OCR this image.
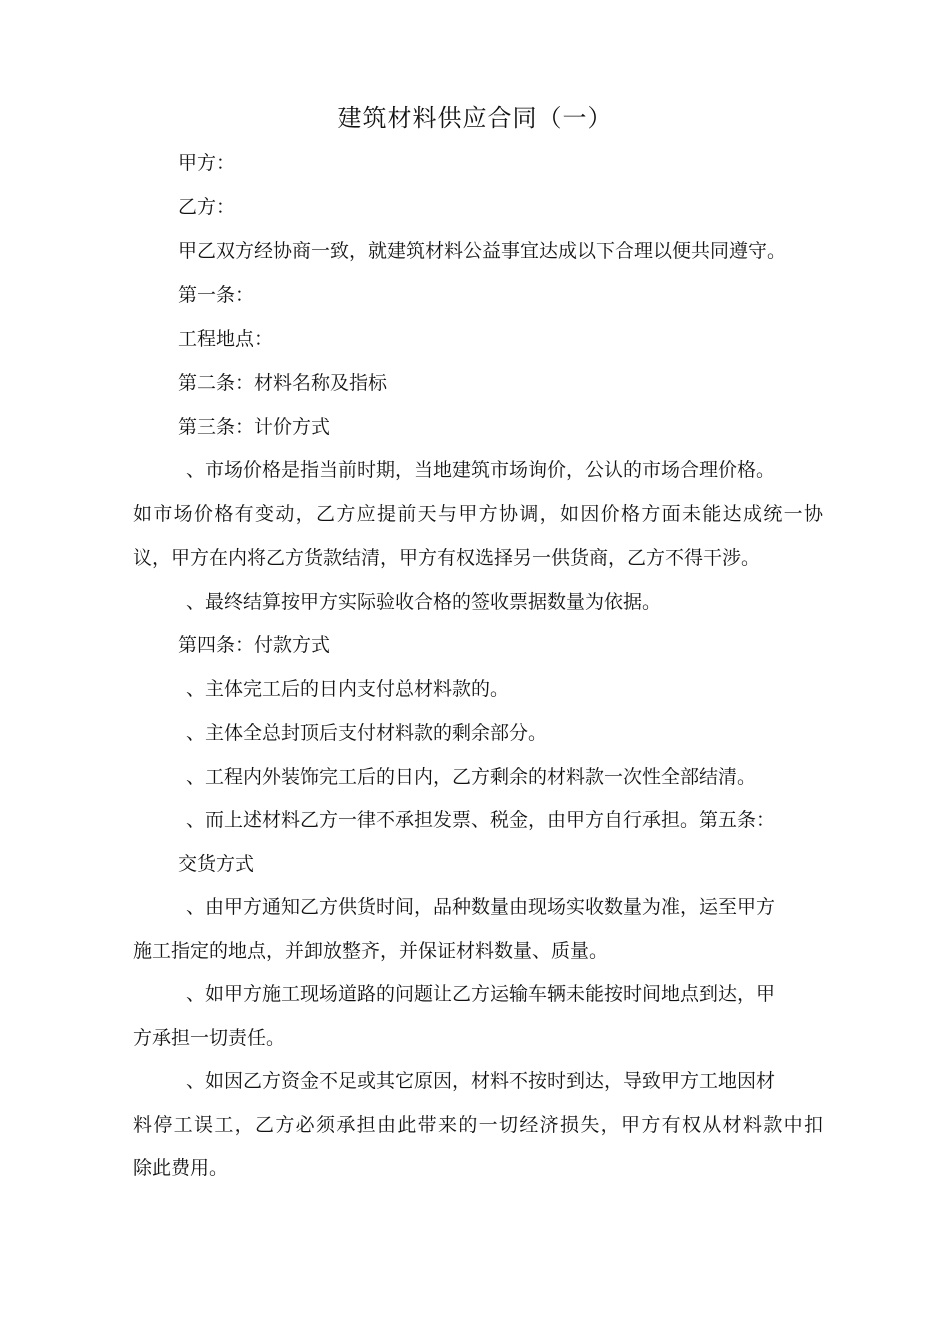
建筑材料供应合同（一）
甲方：
乙方：
甲乙双方经协商一致，就建筑材料公益事宜达成以下合理以便共同遵守。
第一条：
工程地点：
第二条：材料名称及指标
第三条：计价方式
、市场价格是指当前时期，当地建筑市场询价，公认的市场合理价格。
如市场价格有变动，乙方应提前天与甲方协调，如因价格方面未能达成统一协
议，甲方在内将乙方货款结清，甲方有权选择另一供货商，乙方不得干涉。
、最终结算按甲方实际验收合格的签收票据数量为依据。
第四条：付款方式
、主体完工后的日内支付总材料款的。
、主体全总封顶后支付材料款的剩余部分。
、工程内外装饰完工后的日内，乙方剩余的材料款一次性全部结清。
、而上述材料乙方一律不承担发票、税金，由甲方自行承担。第五条：
交货方式
、由甲方通知乙方供货时间，品种数量由现场实收数量为准，运至甲方
施工指定的地点，并卸放整齐，并保证材料数量、质量。
、如甲方施工现场道路的问题让乙方运输车辆未能按时间地点到达，甲
方承担一切责任。
、如因乙方资金不足或其它原因，材料不按时到达，导致甲方工地因材
料停工误工，乙方必须承担由此带来的一切经济损失，甲方有权从材料款中扣
除此费用。
